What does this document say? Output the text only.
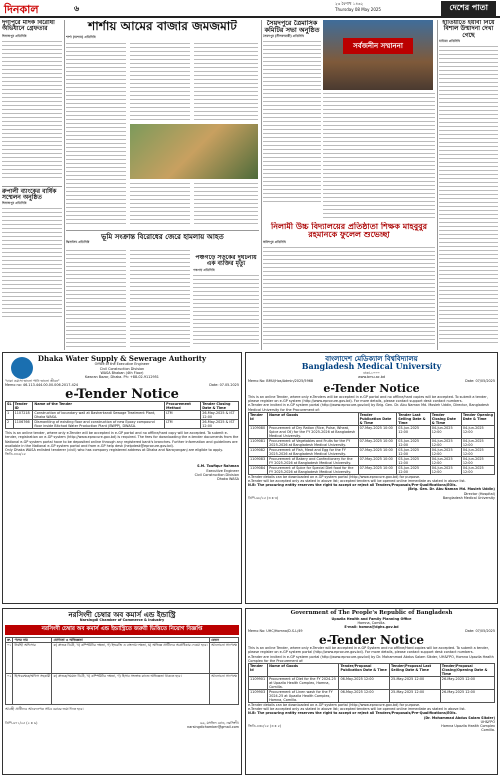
দিনকাল	৬
২৩ বৈশাখ ১৪৩২
Thursday 08 May 2025	দেশের পাতা
দুর্গাপুরে মাদক বিরোধী অভিযানে গ্রেফতার
দিনাজপুর প্রতিনিধি
রুপালী ব্যাংকের বার্ষিক সম্মেলন অনুষ্ঠিত
দিনাজপুর প্রতিনিধি
শার্শায় আমের বাজার জমজমাট
শার্শা (যশোর) প্রতিনিধি
ভূমি সংক্রান্ত বিরোধের জেরে হামলায় আহত
ঝিনাইদহ প্রতিনিধি
পঞ্চগড়ে সড়কের দুর্ঘটনায় এক ব্যক্তির মৃত্যু
পঞ্চগড় প্রতিনিধি
সৈয়দপুরে ত্রৈমাসিক কমিটির সভা অনুষ্ঠিত
সৈয়দপুর (নীলফামারী) প্রতিনিধি
সর্বজনীন সম্মাননা
নিলামী উচ্চ বিদ্যালয়ের প্রতিষ্ঠাতা শিক্ষক মাহবুবুর রহমানকে ফুলেল শুভেচ্ছা
ফরিদপুর প্রতিনিধি
হাতিয়াতে ইয়াবা নিয়ে বিশাল উন্মাদনা দেখা গেছে
হাতিয়া প্রতিনিধি
বাংলাদেশ মেডিক্যাল বিশ্ববিদ্যালয়
Bangladesh Medical University
ঢাকা-১০০০
www.bmu.ac.bd
Memo No: BMU/Hos/Admin/2025/5968	Date: 07/05/2025
e-Tender Notice
This is an online Tender, where only e-Tenders will be accepted in e-GP portal and no offline/hard copies will be accepted. To submit a tender, please register on e-GP system (http://www.eprocure.gov.bd). For more details, please contact support desk contact numbers.
e-Tender are invited in e-GP system portal (http://www.eprocure.gov.bd) by Brig. Gen. Dr. Abu Naman Md. Mosleh Uddin, Director, Bangladesh Medical University for the Procurement of:
Tender Id	Name of Goods	Tender Publication Date & Time	Tender Last Selling Date & Time	Tender Closing Date & Time	Tender Opening Date & Time
1109080	Procurement of Dry Ration (Rice, Pulse, Wheat, Spice and Oil) for the FY 2025-2026 at Bangladesh Medical University.	07-May-2025 10:00	03-Jun-2025 12:00	04-Jun-2025 12:00	04-Jun-2025 12:00
1109081	Procurement of Vegetables and Fruits for the FY 2025-2026 at Bangladesh Medical University.	07-May-2025 10:00	03-Jun-2025 12:00	04-Jun-2025 12:00	04-Jun-2025 12:00
1109082	Procurement of Fish, Meat and Egg for the FY 2025-2026 at Bangladesh Medical University.	07-May-2025 10:00	03-Jun-2025 12:00	04-Jun-2025 12:00	04-Jun-2025 12:00
1109083	Procurement of Bakery and Confectionery for the FY 2025-2026 at Bangladesh Medical University.	07-May-2025 10:00	03-Jun-2025 12:00	04-Jun-2025 12:00	04-Jun-2025 12:00
1109084	Procurement of Spice for Special Diet food for the FY 2025-2026 at Bangladesh Medical University.	07-May-2025 10:00	03-Jun-2025 12:00	04-Jun-2025 12:00	04-Jun-2025 12:00
e-Tender details can be downloaded on e-GP system portal (http://www.eprocure.gov.bd) for purpose.
e-Tender will be accepted only as stated in above list; accepted tenders will be opened online immediate as stated in above list.
N.B: The procuring entity reserves the right to accept or reject all Tenders/Proposals/Pre-Qualifications/EOIs.
(Brig. Gen. Dr. Abu Naman Md. Mosleh Uddin)
Director (Hospital)
ডিপি-৬৮/২৫ (৩ x ৩)	Bangladesh Medical University
Dhaka Water Supply & Sewerage Authority
Office of the Executive Engineer
Civil Construction Division
WASA Bhaban (4th Floor)
Kawran Bazar, Dhaka. Ph: +88-02-9112951
"ঢাকা ওয়াসা ভালো পানি ভালো জীবন"
Memo no: 46.113.444.00.00.006.2017-424	Date: 07.05.2025
e-Tender Notice
SL	Tender ID	Name of the Tender	Procurement Method	Tender Closing Date & Time
1	1107218	Construction of boundary wall at Basherkandi Sewage Treatment Plant, Dhaka WASA.	LTM	26-May-2025 & IST 12:00
2	1106766	Dismantling of existing floor and construction of new Epoxy compound floor inside Bitchod Water Production Plant (BWPP), DWASA.	LTM	26-May-2025 & IST 12:00
This is an online tender, where only e-Tender will be accepted in e-GP portal and no offline/hard copy will be accepted. To submit e-tender, registration on e-GP system (http://www.eprocure.gov.bd) is required. The fees for downloading the e-tender documents from the National e-GP system portal have to be deposited online through any registered bank's branches. Further information and guidelines are available in the National e-GP system portal and from e-GP help desk (helpdesk@eprocure.gov.bd).
Only Dhaka WASA enlisted tenderer (civil) who has company registered address at Dhaka and Narayanganj are eligible to apply.
জিডি-৪৪৬/২৫
S.M. Toufiqur Rahman
Executive Engineer
Civil Construction Division
Dhaka WASA
নরসিংদী চেম্বার অব কমার্স এন্ড ইন্ডাস্ট্রি
Narsingdi Chamber of Commerce & Industry
নরসিংদী চেম্বার অব কমার্স এন্ড ইন্ডাস্ট্রিতে জরুরী ভিত্তিতে নিয়োগ বিজ্ঞপ্তি
ক্র.	পদের নাম	যোগ্যতা ও অভিজ্ঞতা	বেতন
০১	নির্বাহী অফিসার	ক) স্নাতক ডিগ্রী, খ) কম্পিউটার দক্ষতা, গ) ইংরেজি ও বাংলায় দক্ষতা, ঘ) অভিজ্ঞ প্রার্থীদের অগ্রাধিকার দেওয়া হবে।	আলোচনা সাপেক্ষে
০২	হিসাবরক্ষক/অফিস সহকারী	ক) স্নাতক/সমমান ডিগ্রী, খ) কম্পিউটার দক্ষতা, গ) হিসাব সংক্রান্ত কাজে অভিজ্ঞতা থাকতে হবে।	আলোচনা সাপেক্ষে
আগ্রহী প্রার্থীদের আবেদনপত্র সচিব বরাবর জমা দিতে হবে।
ডিপি-৬৭১/২৫ (২ x ৬)	৬৬, মসজিদ রোড, নরসিংদী।
narsingdichamber@gmail.com
Government of The People's Republic of Bangladesh
Upazila Health and Family Planning Office
Homna, Comilla.
E-mail: homna@dghs.gov.bd
Memo No: UHC/Homna/D.S-L/49	Date: 07/05/2025
e-Tender Notice
This is an online Tender, where only e-Tender will be accepted in e-GP System and no offline/Hard copies will be accepted. To submit a tender, please register on e-GP system portal (http://www.eprocure.gov.bd). For more details, please contact support desk contact numbers.
e-Tender are invited in e-GP system portal (http://www.eprocure.gov.bd) by Dr. Mohammad Abdus Salam Sikder, UH&FPO, Homna Upazila Health Complex for the Procurement of:
Tender Id	Name of Goods	Tender/Proposal Publication Date & Time	Tender/Proposal Last Selling Date & Time	Tender/Proposal Closing/Opening Date & Time
1109901	Procurement of Diet for the FY 2024-25 at Upazila Health Complex, Homna, Comilla.	06-May-2025 12:00	25-May-2025 12:00	26-May-2025 12:00
1109903	Procurement of Linen wash for the FY 2024-25 at Upazila Health Complex, Homna, Comilla.	06-May-2025 12:00	25-May-2025 12:00	26-May-2025 12:00
e-Tender details can be downloaded on e-GP system portal (http://www.eprocure.gov.bd) for purpose.
e-Tender will be accepted only as stated in above list; accepted tenders will be opened online immediate as stated in above list.
N.B: The procuring entity reserves the right to accept or reject all Tenders/Proposals/Pre-Qualifications/EOIs.
(Dr. Mohammad Abdus Salam Sikder)
UH&FPO
জিডি-৪৩৮/২৫ (৩ x ৫)	Homna Upazila Health Complex
Comilla.
